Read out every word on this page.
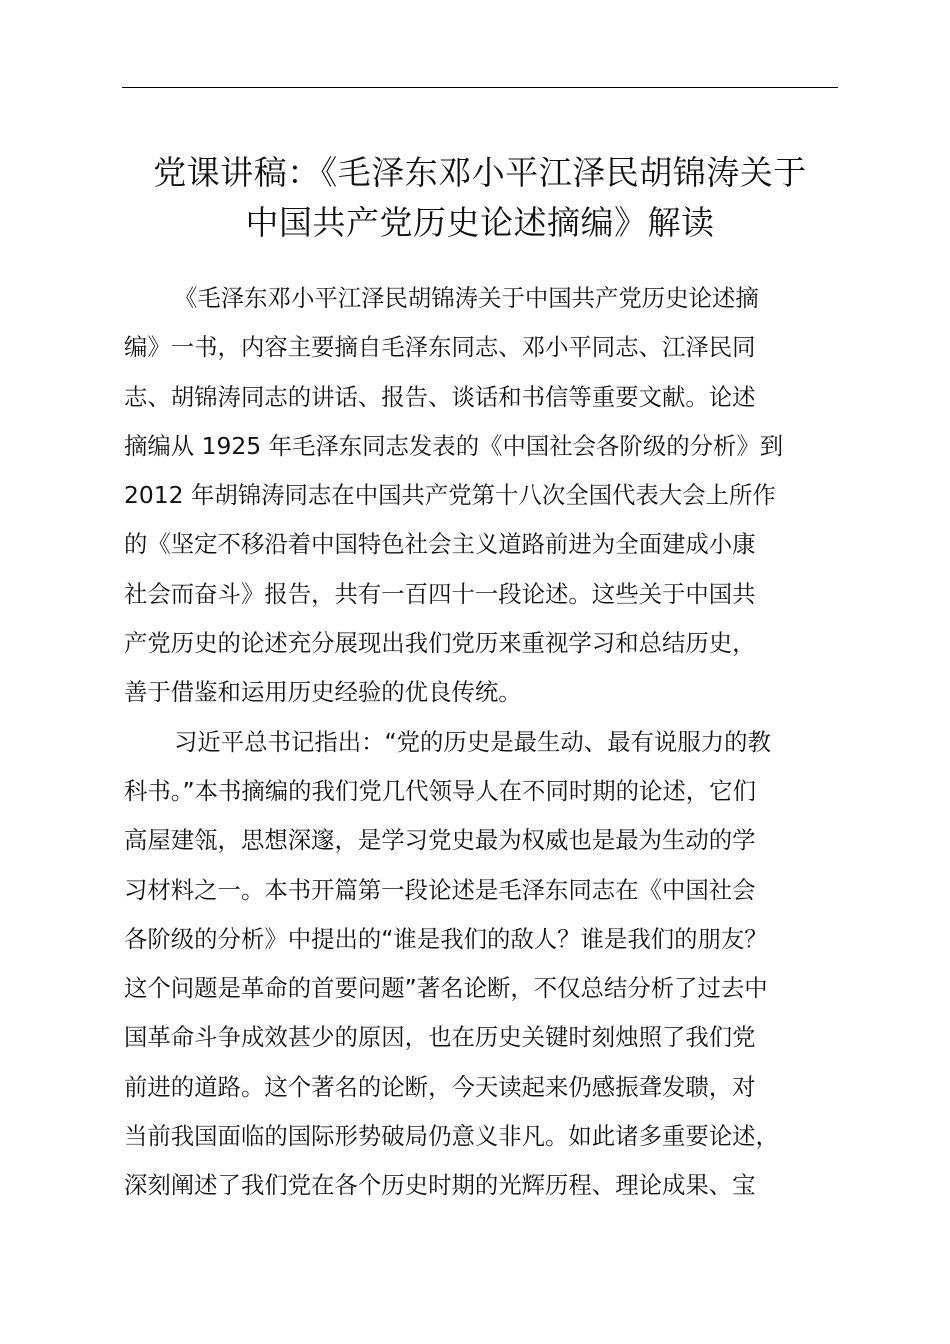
党课讲稿：《毛泽东邓小平江泽民胡锦涛关于
中国共产党历史论述摘编》解读
《毛泽东邓小平江泽民胡锦涛关于中国共产党历史论述摘
编》一书，内容主要摘自毛泽东同志、邓小平同志、江泽民同
志、胡锦涛同志的讲话、报告、谈话和书信等重要文献。论述
摘编从 1925 年毛泽东同志发表的《中国社会各阶级的分析》到
2012 年胡锦涛同志在中国共产党第十八次全国代表大会上所作
的《坚定不移沿着中国特色社会主义道路前进为全面建成小康
社会而奋斗》报告，共有一百四十一段论述。这些关于中国共
产党历史的论述充分展现出我们党历来重视学习和总结历史，
善于借鉴和运用历史经验的优良传统。
习近平总书记指出：“党的历史是最生动、最有说服力的教
科书。”本书摘编的我们党几代领导人在不同时期的论述，它们
高屋建瓴，思想深邃，是学习党史最为权威也是最为生动的学
习材料之一。本书开篇第一段论述是毛泽东同志在《中国社会
各阶级的分析》中提出的“谁是我们的敌人？谁是我们的朋友？
这个问题是革命的首要问题”著名论断，不仅总结分析了过去中
国革命斗争成效甚少的原因，也在历史关键时刻烛照了我们党
前进的道路。这个著名的论断，今天读起来仍感振聋发聩，对
当前我国面临的国际形势破局仍意义非凡。如此诸多重要论述，
深刻阐述了我们党在各个历史时期的光辉历程、理论成果、宝
